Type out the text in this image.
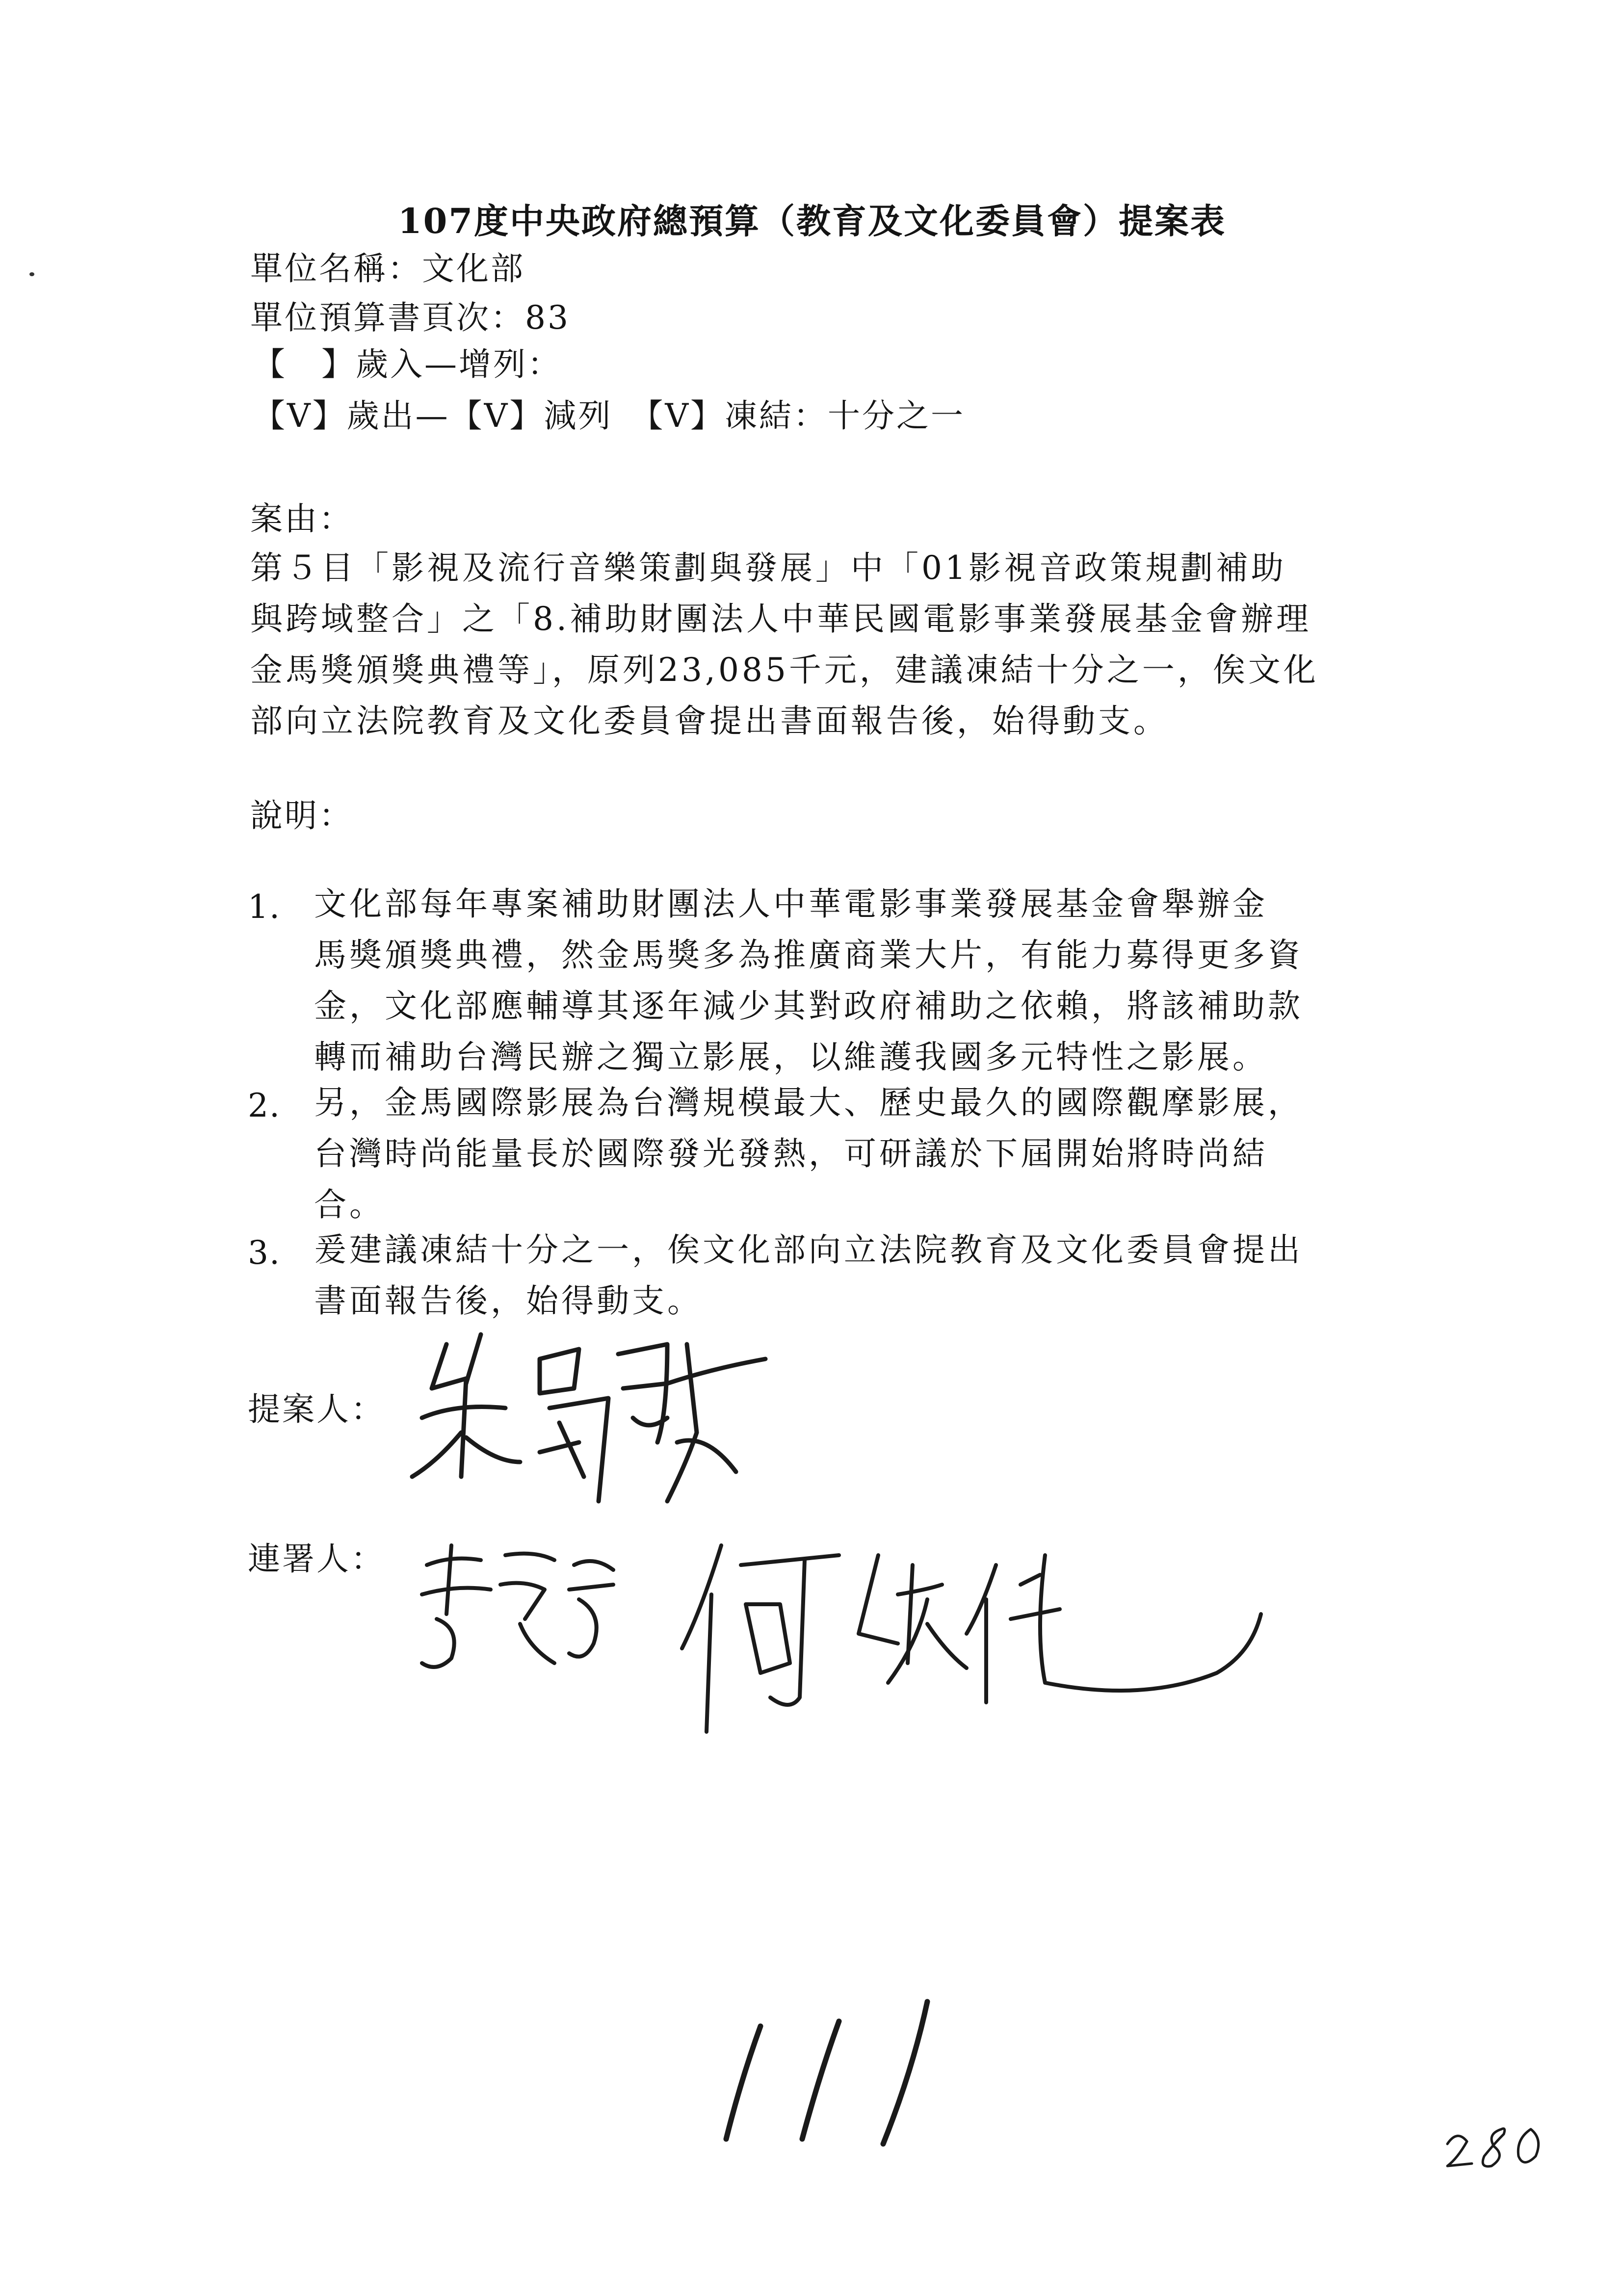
107度中央政府總預算（教育及文化委員會）提案表
單位名稱：文化部
單位預算書頁次：83
【　】歲入—增列：
【V】歲出—【V】減列　【V】凍結：十分之一
案由：
第５目「影視及流行音樂策劃與發展」中「01影視音政策規劃補助
與跨域整合」之「8.補助財團法人中華民國電影事業發展基金會辦理
金馬獎頒獎典禮等」，原列23,085千元，建議凍結十分之一，俟文化
部向立法院教育及文化委員會提出書面報告後，始得動支。
說明：
1. 文化部每年專案補助財團法人中華電影事業發展基金會舉辦金
馬獎頒獎典禮，然金馬獎多為推廣商業大片，有能力募得更多資
金，文化部應輔導其逐年減少其對政府補助之依賴，將該補助款
轉而補助台灣民辦之獨立影展，以維護我國多元特性之影展。
2. 另，金馬國際影展為台灣規模最大、歷史最久的國際觀摩影展，
台灣時尚能量長於國際發光發熱，可研議於下屆開始將時尚結
合。
3. 爰建議凍結十分之一，俟文化部向立法院教育及文化委員會提出
書面報告後，始得動支。
提案人：
連署人：
